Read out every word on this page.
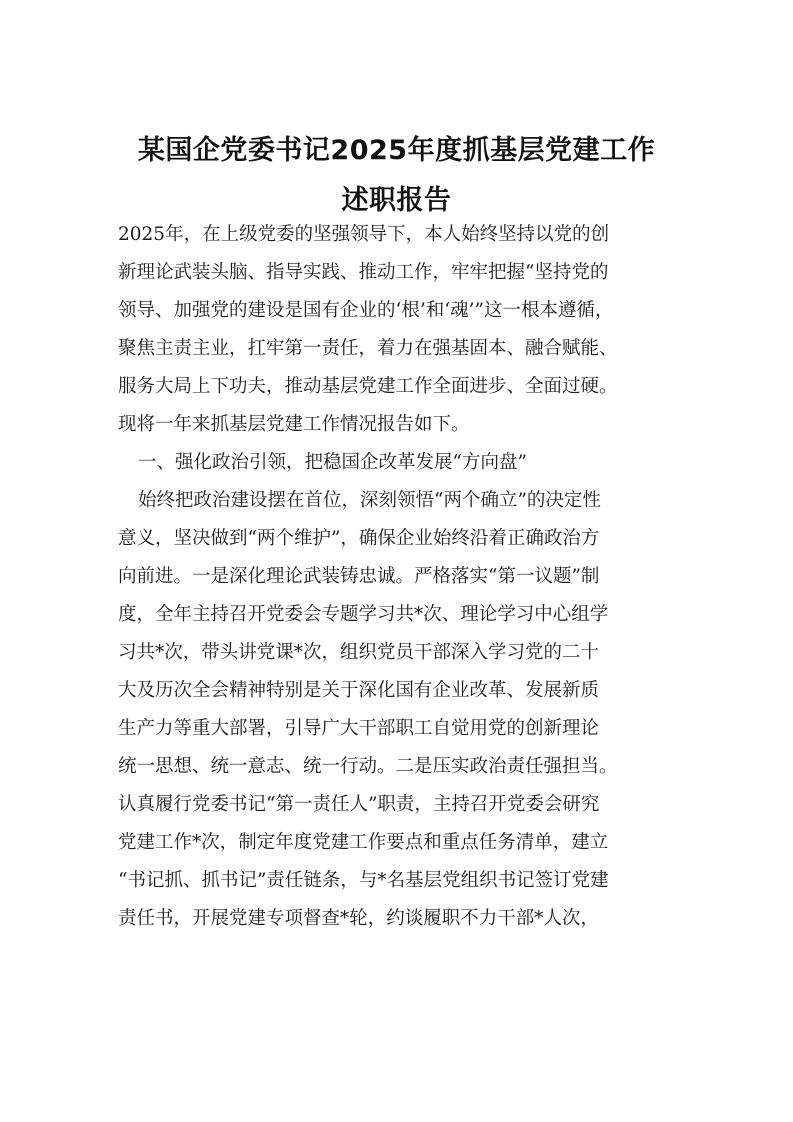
某国企党委书记2025年度抓基层党建工作
述职报告
2025年，在上级党委的坚强领导下，本人始终坚持以党的创
新理论武装头脑、指导实践、推动工作，牢牢把握“坚持党的
领导、加强党的建设是国有企业的‘根’和‘魂’”这一根本遵循，
聚焦主责主业，扛牢第一责任，着力在强基固本、融合赋能、
服务大局上下功夫，推动基层党建工作全面进步、全面过硬。
现将一年来抓基层党建工作情况报告如下。
一、强化政治引领，把稳国企改革发展“方向盘”
始终把政治建设摆在首位，深刻领悟“两个确立”的决定性
意义，坚决做到“两个维护”，确保企业始终沿着正确政治方
向前进。一是深化理论武装铸忠诚。严格落实“第一议题”制
度，全年主持召开党委会专题学习共*次、理论学习中心组学
习共*次，带头讲党课*次，组织党员干部深入学习党的二十
大及历次全会精神特别是关于深化国有企业改革、发展新质
生产力等重大部署，引导广大干部职工自觉用党的创新理论
统一思想、统一意志、统一行动。二是压实政治责任强担当。
认真履行党委书记“第一责任人”职责，主持召开党委会研究
党建工作*次，制定年度党建工作要点和重点任务清单，建立
“书记抓、抓书记”责任链条，与*名基层党组织书记签订党建
责任书，开展党建专项督查*轮，约谈履职不力干部*人次，
